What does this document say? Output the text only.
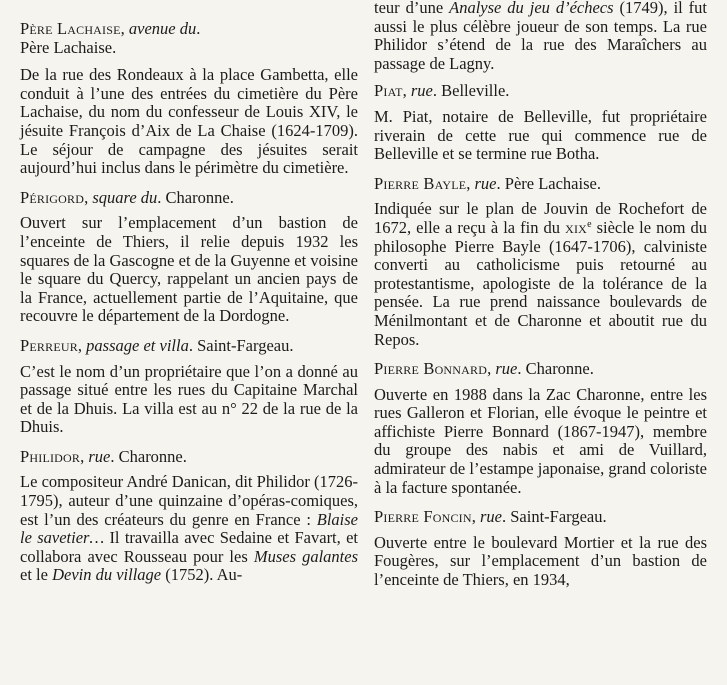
Père Lachaise, avenue du.
Père Lachaise.

De la rue des Rondeaux à la place Gambetta, elle conduit à l’une des entrées du cimetière du Père Lachaise, du nom du confesseur de Louis XIV, le jésuite François d’Aix de La Chaise (1624-1709). Le séjour de campagne des jésuites serait aujourd’hui inclus dans le périmètre du cimetière.

Périgord, square du. Charonne.

Ouvert sur l’emplacement d’un bastion de l’enceinte de Thiers, il relie depuis 1932 les squares de la Gascogne et de la Guyenne et voisine le square du Quercy, rappelant un ancien pays de la France, actuellement partie de l’Aquitaine, que recouvre le département de la Dordogne.

Perreur, passage et villa. Saint-Fargeau.

C’est le nom d’un propriétaire que l’on a donné au passage situé entre les rues du Capitaine Marchal et de la Dhuis. La villa est au n° 22 de la rue de la Dhuis.

Philidor, rue. Charonne.

Le compositeur André Danican, dit Philidor (1726-1795), auteur d’une quinzaine d’opéras-comiques, est l’un des créateurs du genre en France : Blaise le savetier… Il travailla avec Sedaine et Favart, et collabora avec Rousseau pour les Muses galantes et le Devin du village (1752). Au-

teur d’une Analyse du jeu d’échecs (1749), il fut aussi le plus célèbre joueur de son temps. La rue Philidor s’étend de la rue des Maraîchers au passage de Lagny.

Piat, rue. Belleville.

M. Piat, notaire de Belleville, fut propriétaire riverain de cette rue qui commence rue de Belleville et se termine rue Botha.

Pierre Bayle, rue. Père Lachaise.

Indiquée sur le plan de Jouvin de Rochefort de 1672, elle a reçu à la fin du xix$^e$ siècle le nom du philosophe Pierre Bayle (1647-1706), calviniste converti au catholicisme puis retourné au protestantisme, apologiste de la tolérance de la pensée. La rue prend naissance boulevards de Ménilmontant et de Charonne et aboutit rue du Repos.

Pierre Bonnard, rue. Charonne.

Ouverte en 1988 dans la Zac Charonne, entre les rues Galleron et Florian, elle évoque le peintre et affichiste Pierre Bonnard (1867-1947), membre du groupe des nabis et ami de Vuillard, admirateur de l’estampe japonaise, grand coloriste à la facture spontanée.

Pierre Foncin, rue. Saint-Fargeau.

Ouverte entre le boulevard Mortier et la rue des Fougères, sur l’emplacement d’un bastion de l’enceinte de Thiers, en 1934,
